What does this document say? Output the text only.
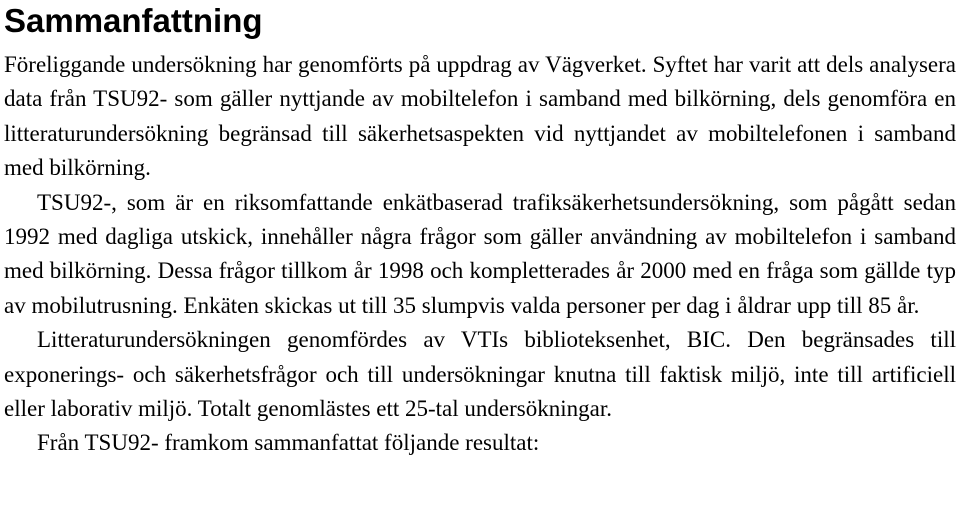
Sammanfattning

Föreliggande undersökning har genomförts på uppdrag av Vägverket. Syftet har varit att dels analysera data från TSU92- som gäller nyttjande av mobiltelefon i samband med bilkörning, dels genomföra en litteraturundersökning begränsad till säkerhetsaspekten vid nyttjandet av mobiltelefonen i samband med bilkörning.

TSU92-, som är en riksomfattande enkätbaserad trafiksäkerhetsundersökning, som pågått sedan 1992 med dagliga utskick, innehåller några frågor som gäller användning av mobiltelefon i samband med bilkörning. Dessa frågor tillkom år 1998 och kompletterades år 2000 med en fråga som gällde typ av mobilutrusning. Enkäten skickas ut till 35 slumpvis valda personer per dag i åldrar upp till 85 år.

Litteraturundersökningen genomfördes av VTIs biblioteksenhet, BIC. Den begränsades till exponerings- och säkerhetsfrågor och till undersökningar knutna till faktisk miljö, inte till artificiell eller laborativ miljö. Totalt genomlästes ett 25-tal undersökningar.

Från TSU92- framkom sammanfattat följande resultat:
